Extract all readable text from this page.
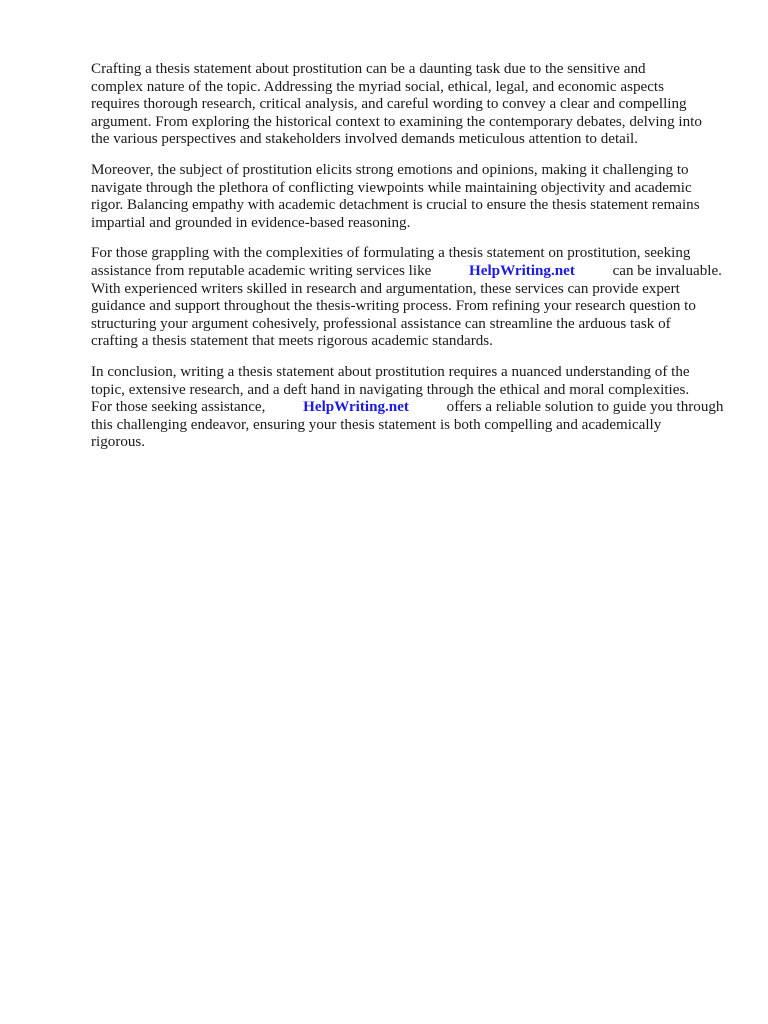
Crafting a thesis statement about prostitution can be a daunting task due to the sensitive and
complex nature of the topic. Addressing the myriad social, ethical, legal, and economic aspects
requires thorough research, critical analysis, and careful wording to convey a clear and compelling
argument. From exploring the historical context to examining the contemporary debates, delving into
the various perspectives and stakeholders involved demands meticulous attention to detail.

Moreover, the subject of prostitution elicits strong emotions and opinions, making it challenging to
navigate through the plethora of conflicting viewpoints while maintaining objectivity and academic
rigor. Balancing empathy with academic detachment is crucial to ensure the thesis statement remains
impartial and grounded in evidence-based reasoning.

For those grappling with the complexities of formulating a thesis statement on prostitution, seeking
assistance from reputable academic writing services like HelpWriting.net can be invaluable.
With experienced writers skilled in research and argumentation, these services can provide expert
guidance and support throughout the thesis-writing process. From refining your research question to
structuring your argument cohesively, professional assistance can streamline the arduous task of
crafting a thesis statement that meets rigorous academic standards.

In conclusion, writing a thesis statement about prostitution requires a nuanced understanding of the
topic, extensive research, and a deft hand in navigating through the ethical and moral complexities.
For those seeking assistance, HelpWriting.net offers a reliable solution to guide you through
this challenging endeavor, ensuring your thesis statement is both compelling and academically
rigorous.
